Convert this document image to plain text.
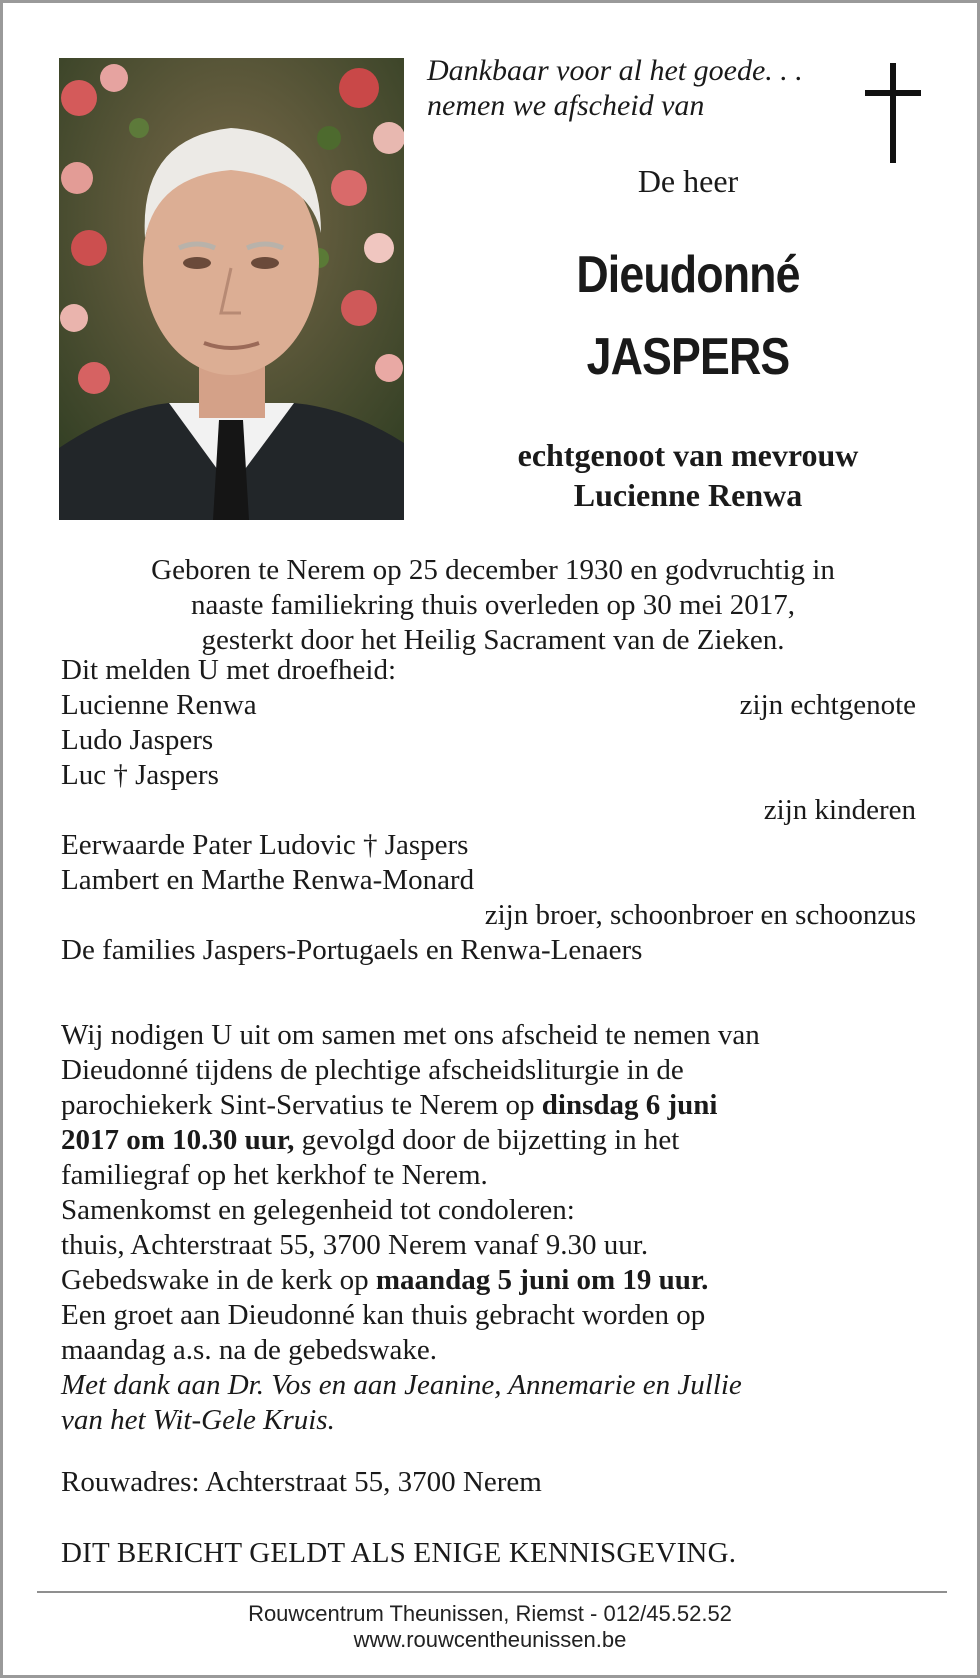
Dankbaar voor al het goede. . .
nemen we afscheid van
De heer
Dieudonné
JASPERS
echtgenoot van mevrouw
Lucienne Renwa
Geboren te Nerem op 25 december 1930 en godvruchtig in
naaste familiekring thuis overleden op 30 mei 2017,
gesterkt door het Heilig Sacrament van de Zieken.
Dit melden U met droefheid:
Lucienne Renwa	zijn echtgenote
Ludo Jaspers
Luc † Jaspers
zijn kinderen
Eerwaarde Pater Ludovic † Jaspers
Lambert en Marthe Renwa-Monard
zijn broer, schoonbroer en schoonzus
De families Jaspers-Portugaels en Renwa-Lenaers

Wij nodigen U uit om samen met ons afscheid te nemen van

Dieudonné tijdens de plechtige afscheidsliturgie in de

parochiekerk Sint-Servatius te Nerem op dinsdag 6 juni

2017 om 10.30 uur, gevolgd door de bijzetting in het

familiegraf op het kerkhof te Nerem.

Samenkomst en gelegenheid tot condoleren:

thuis, Achterstraat 55, 3700 Nerem vanaf 9.30 uur.

Gebedswake in de kerk op maandag 5 juni om 19 uur.

Een groet aan Dieudonné kan thuis gebracht worden op

maandag a.s. na de gebedswake.

Met dank aan Dr. Vos en aan Jeanine, Annemarie en Jullie

van het Wit-Gele Kruis.

Rouwadres: Achterstraat 55, 3700 Nerem
DIT BERICHT GELDT ALS ENIGE KENNISGEVING.
Rouwcentrum Theunissen, Riemst - 012/45.52.52
www.rouwcentheunissen.be
